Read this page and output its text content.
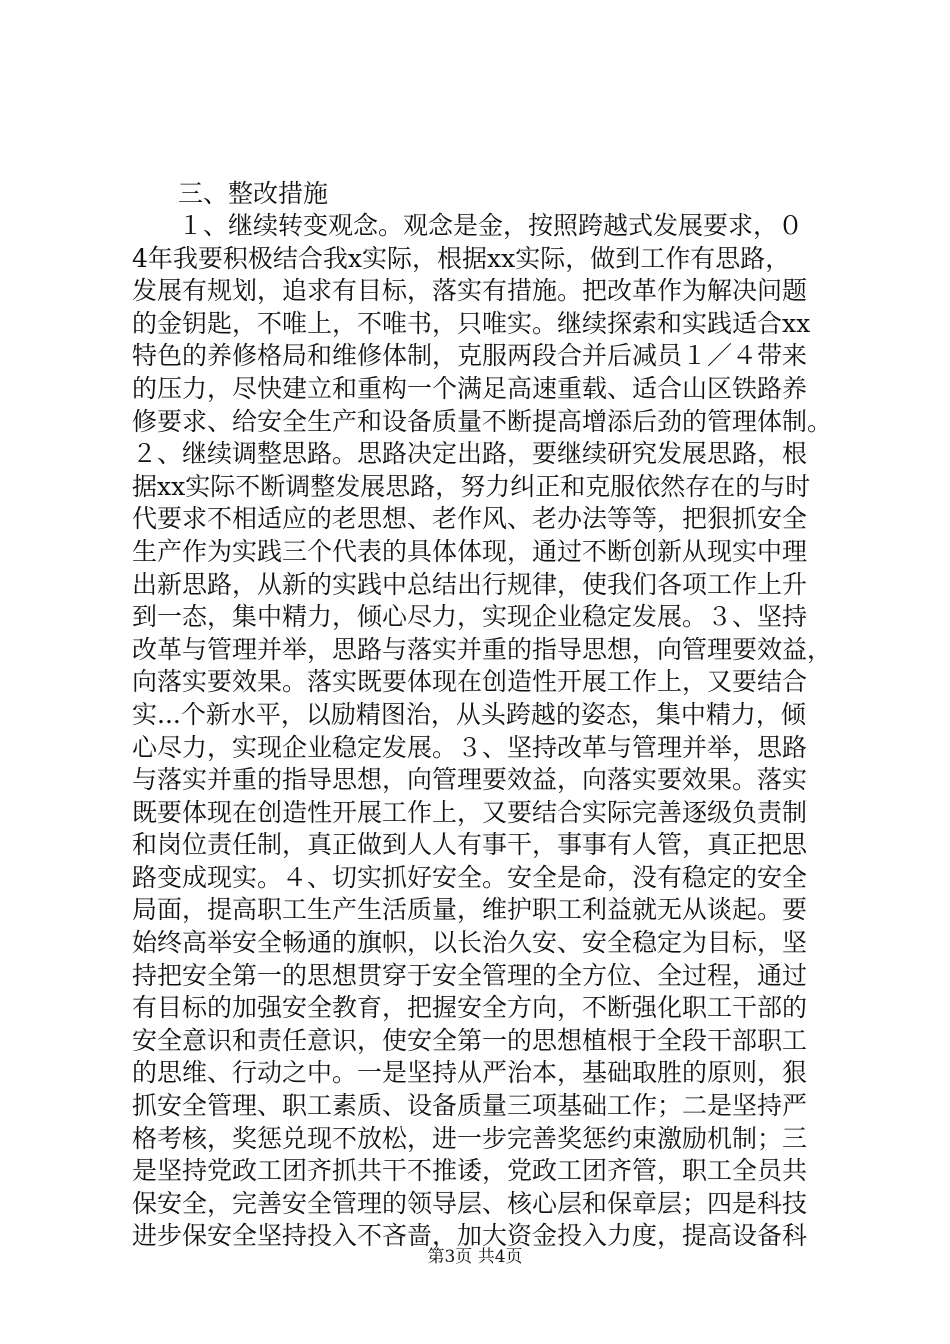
三、整改措施
１、继续转变观念。观念是金，按照跨越式发展要求，０
4年我要积极结合我x实际，根据xx实际，做到工作有思路，
发展有规划，追求有目标，落实有措施。把改革作为解决问题
的金钥匙，不唯上，不唯书，只唯实。继续探索和实践适合xx
特色的养修格局和维修体制，克服两段合并后减员１／４带来
的压力，尽快建立和重构一个满足高速重载、适合山区铁路养
修要求、给安全生产和设备质量不断提高增添后劲的管理体制。
２、继续调整思路。思路决定出路，要继续研究发展思路，根
据xx实际不断调整发展思路，努力纠正和克服依然存在的与时
代要求不相适应的老思想、老作风、老办法等等，把狠抓安全
生产作为实践三个代表的具体体现，通过不断创新从现实中理
出新思路，从新的实践中总结出行规律，使我们各项工作上升
到一态，集中精力，倾心尽力，实现企业稳定发展。３、坚持
改革与管理并举，思路与落实并重的指导思想，向管理要效益，
向落实要效果。落实既要体现在创造性开展工作上，又要结合
实...个新水平，以励精图治，从头跨越的姿态，集中精力，倾
心尽力，实现企业稳定发展。３、坚持改革与管理并举，思路
与落实并重的指导思想，向管理要效益，向落实要效果。落实
既要体现在创造性开展工作上，又要结合实际完善逐级负责制
和岗位责任制，真正做到人人有事干，事事有人管，真正把思
路变成现实。４、切实抓好安全。安全是命，没有稳定的安全
局面，提高职工生产生活质量，维护职工利益就无从谈起。要
始终高举安全畅通的旗帜，以长治久安、安全稳定为目标，坚
持把安全第一的思想贯穿于安全管理的全方位、全过程，通过
有目标的加强安全教育，把握安全方向，不断强化职工干部的
安全意识和责任意识，使安全第一的思想植根于全段干部职工
的思维、行动之中。一是坚持从严治本，基础取胜的原则，狠
抓安全管理、职工素质、设备质量三项基础工作；二是坚持严
格考核，奖惩兑现不放松，进一步完善奖惩约束激励机制；三
是坚持党政工团齐抓共干不推诿，党政工团齐管，职工全员共
保安全，完善安全管理的领导层、核心层和保章层；四是科技
进步保安全坚持投入不吝啬，加大资金投入力度，提高设备科
第3页 共4页
